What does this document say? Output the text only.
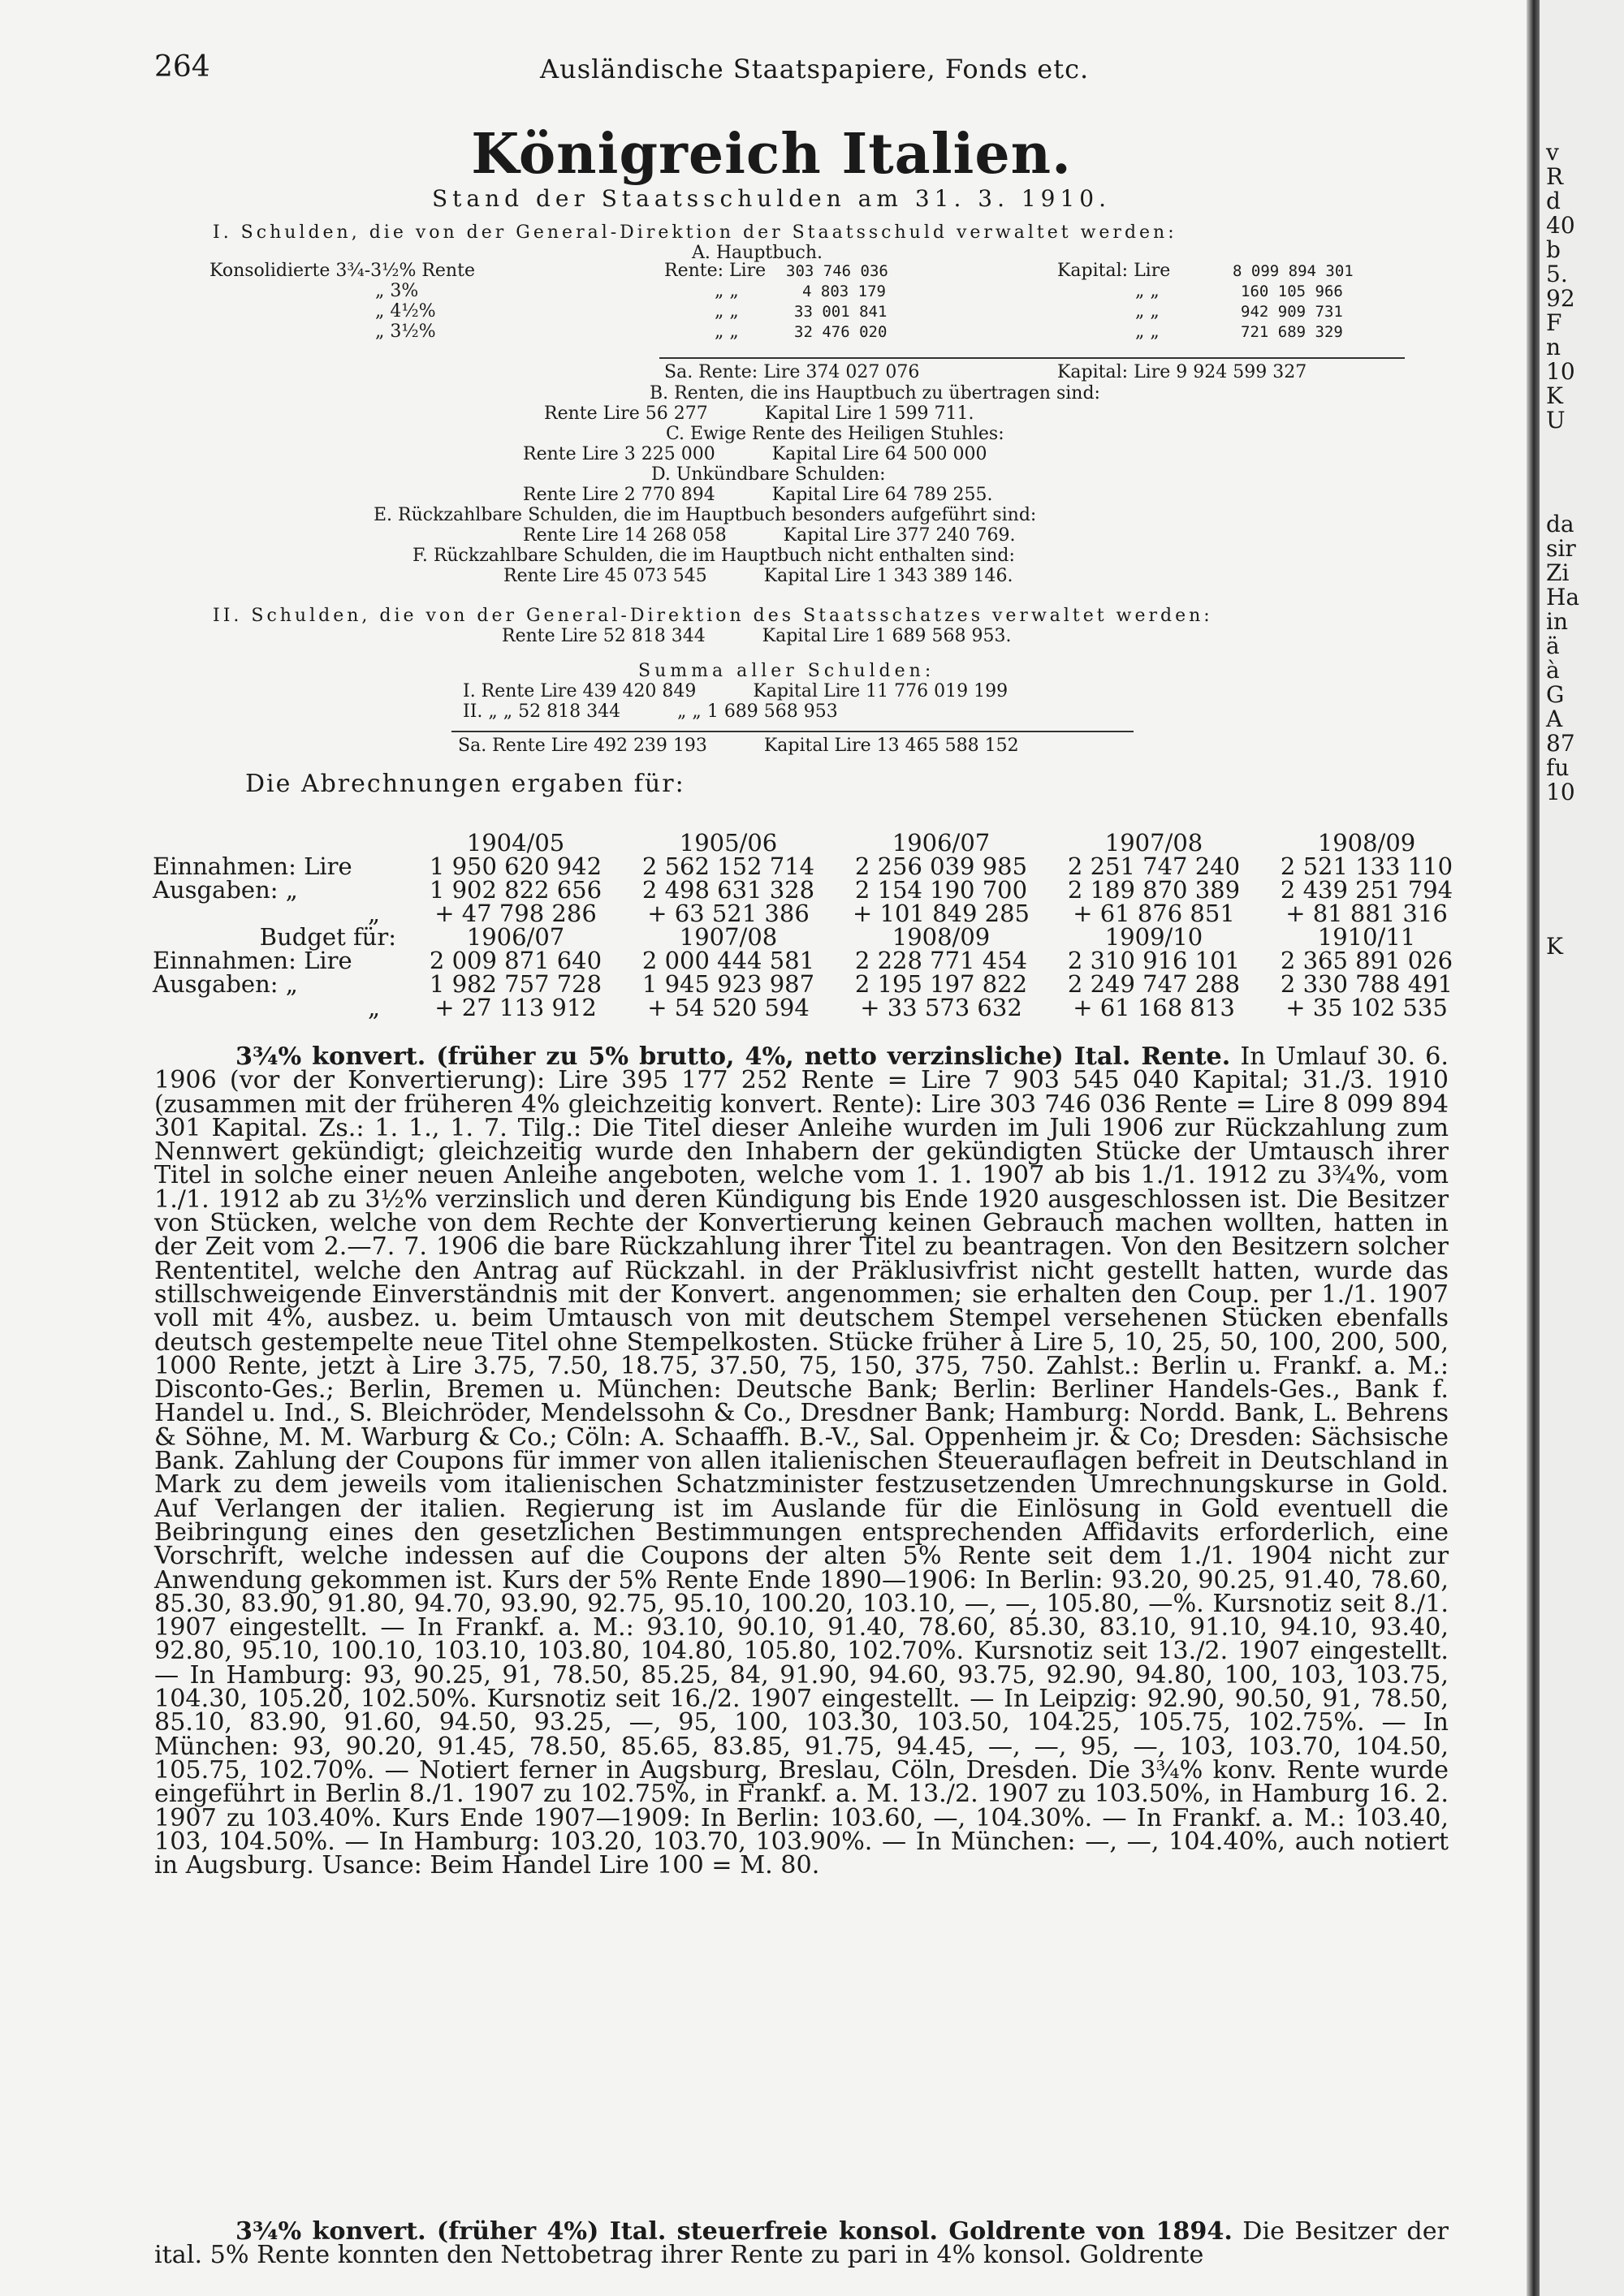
264	Ausländische Staatspapiere, Fonds etc.
Königreich Italien.
Stand der Staatsschulden am 31. 3. 1910.
I. Schulden, die von der General-Direktion der Staatsschuld verwaltet werden:
A. Hauptbuch.
Konsolidierte 3¾-3½% Rente	Rente: Lire 303 746 036	Kapital: Lire	8 099 894 301
„ 3%	„ „	4 803 179	„ „	160 105 966
„ 4½%	„ „	33 001 841	„ „	942 909 731
„ 3½%	„ „	32 476 020	„ „	721 689 329
Sa. Rente: Lire 374 027 076	Kapital: Lire 9 924 599 327
B. Renten, die ins Hauptbuch zu übertragen sind:
Rente Lire 56 277          Kapital Lire 1 599 711.
C. Ewige Rente des Heiligen Stuhles:
Rente Lire 3 225 000          Kapital Lire 64 500 000
D. Unkündbare Schulden:
Rente Lire 2 770 894          Kapital Lire 64 789 255.
E. Rückzahlbare Schulden, die im Hauptbuch besonders aufgeführt sind:
Rente Lire 14 268 058          Kapital Lire 377 240 769.
F. Rückzahlbare Schulden, die im Hauptbuch nicht enthalten sind:
Rente Lire 45 073 545          Kapital Lire 1 343 389 146.
II. Schulden, die von der General-Direktion des Staatsschatzes verwaltet werden:
Rente Lire 52 818 344          Kapital Lire 1 689 568 953.
Summa aller Schulden:
I. Rente Lire 439 420 849          Kapital Lire 11 776 019 199
II. „ „ 52 818 344          „ „ 1 689 568 953
Sa. Rente Lire 492 239 193          Kapital Lire 13 465 588 152
Die Abrechnungen ergaben für:
	1904/05	1905/06	1906/07	1907/08	1908/09
Einnahmen: Lire	1 950 620 942	2 562 152 714	2 256 039 985	2 251 747 240	2 521 133 110
Ausgaben: „	1 902 822 656	2 498 631 328	2 154 190 700	2 189 870 389	2 439 251 794
„	+ 47 798 286	+ 63 521 386	+ 101 849 285	+ 61 876 851	+ 81 881 316
Budget für:	1906/07	1907/08	1908/09	1909/10	1910/11
Einnahmen: Lire	2 009 871 640	2 000 444 581	2 228 771 454	2 310 916 101	2 365 891 026
Ausgaben: „	1 982 757 728	1 945 923 987	2 195 197 822	2 249 747 288	2 330 788 491
„	+ 27 113 912	+ 54 520 594	+ 33 573 632	+ 61 168 813	+ 35 102 535
3¾% konvert. (früher zu 5% brutto, 4%, netto verzinsliche) Ital. Rente. In Umlauf 30. 6. 1906 (vor der Konvertierung): Lire 395 177 252 Rente = Lire 7 903 545 040 Kapital; 31./3. 1910 (zusammen mit der früheren 4% gleichzeitig konvert. Rente): Lire 303 746 036 Rente = Lire 8 099 894 301 Kapital. Zs.: 1. 1., 1. 7. Tilg.: Die Titel dieser Anleihe wurden im Juli 1906 zur Rückzahlung zum Nennwert gekündigt; gleichzeitig wurde den Inhabern der gekündigten Stücke der Umtausch ihrer Titel in solche einer neuen Anleihe angeboten, welche vom 1. 1. 1907 ab bis 1./1. 1912 zu 3¾%, vom 1./1. 1912 ab zu 3½% verzinslich und deren Kündigung bis Ende 1920 ausgeschlossen ist. Die Besitzer von Stücken, welche von dem Rechte der Konvertierung keinen Gebrauch machen wollten, hatten in der Zeit vom 2.—7. 7. 1906 die bare Rückzahlung ihrer Titel zu beantragen. Von den Besitzern solcher Rententitel, welche den Antrag auf Rückzahl. in der Präklusivfrist nicht gestellt hatten, wurde das stillschweigende Einverständnis mit der Konvert. angenommen; sie erhalten den Coup. per 1./1. 1907 voll mit 4%, ausbez. u. beim Umtausch von mit deutschem Stempel versehenen Stücken ebenfalls deutsch gestempelte neue Titel ohne Stempelkosten. Stücke früher à Lire 5, 10, 25, 50, 100, 200, 500, 1000 Rente, jetzt à Lire 3.75, 7.50, 18.75, 37.50, 75, 150, 375, 750. Zahlst.: Berlin u. Frankf. a. M.: Disconto-Ges.; Berlin, Bremen u. München: Deutsche Bank; Berlin: Berliner Handels-Ges., Bank f. Handel u. Ind., S. Bleichröder, Mendelssohn & Co., Dresdner Bank; Hamburg: Nordd. Bank, L. Behrens & Söhne, M. M. Warburg & Co.; Cöln: A. Schaaffh. B.-V., Sal. Oppenheim jr. & Co; Dresden: Sächsische Bank. Zahlung der Coupons für immer von allen italienischen Steuerauflagen befreit in Deutschland in Mark zu dem jeweils vom italienischen Schatzminister festzusetzenden Umrechnungskurse in Gold. Auf Verlangen der italien. Regierung ist im Auslande für die Einlösung in Gold eventuell die Beibringung eines den gesetzlichen Bestimmungen entsprechenden Affidavits erforderlich, eine Vorschrift, welche indessen auf die Coupons der alten 5% Rente seit dem 1./1. 1904 nicht zur Anwendung gekommen ist. Kurs der 5% Rente Ende 1890—1906: In Berlin: 93.20, 90.25, 91.40, 78.60, 85.30, 83.90, 91.80, 94.70, 93.90, 92.75, 95.10, 100.20, 103.10, —, —, 105.80, —%. Kursnotiz seit 8./1. 1907 eingestellt. — In Frankf. a. M.: 93.10, 90.10, 91.40, 78.60, 85.30, 83.10, 91.10, 94.10, 93.40, 92.80, 95.10, 100.10, 103.10, 103.80, 104.80, 105.80, 102.70%. Kursnotiz seit 13./2. 1907 eingestellt. — In Hamburg: 93, 90.25, 91, 78.50, 85.25, 84, 91.90, 94.60, 93.75, 92.90, 94.80, 100, 103, 103.75, 104.30, 105.20, 102.50%. Kursnotiz seit 16./2. 1907 eingestellt. — In Leipzig: 92.90, 90.50, 91, 78.50, 85.10, 83.90, 91.60, 94.50, 93.25, —, 95, 100, 103.30, 103.50, 104.25, 105.75, 102.75%. — In München: 93, 90.20, 91.45, 78.50, 85.65, 83.85, 91.75, 94.45, —, —, 95, —, 103, 103.70, 104.50, 105.75, 102.70%. — Notiert ferner in Augsburg, Breslau, Cöln, Dresden. Die 3¾% konv. Rente wurde eingeführt in Berlin 8./1. 1907 zu 102.75%, in Frankf. a. M. 13./2. 1907 zu 103.50%, in Hamburg 16. 2. 1907 zu 103.40%. Kurs Ende 1907—1909: In Berlin: 103.60, —, 104.30%. — In Frankf. a. M.: 103.40, 103, 104.50%. — In Hamburg: 103.20, 103.70, 103.90%. — In München: —, —, 104.40%, auch notiert in Augsburg. Usance: Beim Handel Lire 100 = M. 80.
3¾% konvert. (früher 4%) Ital. steuerfreie konsol. Goldrente von 1894. Die Besitzer der ital. 5% Rente konnten den Nettobetrag ihrer Rente zu pari in 4% konsol. Goldrente
v
R
d
40
b
5.
92
F
n
10
K
U
da
sir
Zi
Ha
in
ä
à
G
A
87
fu
10
K
